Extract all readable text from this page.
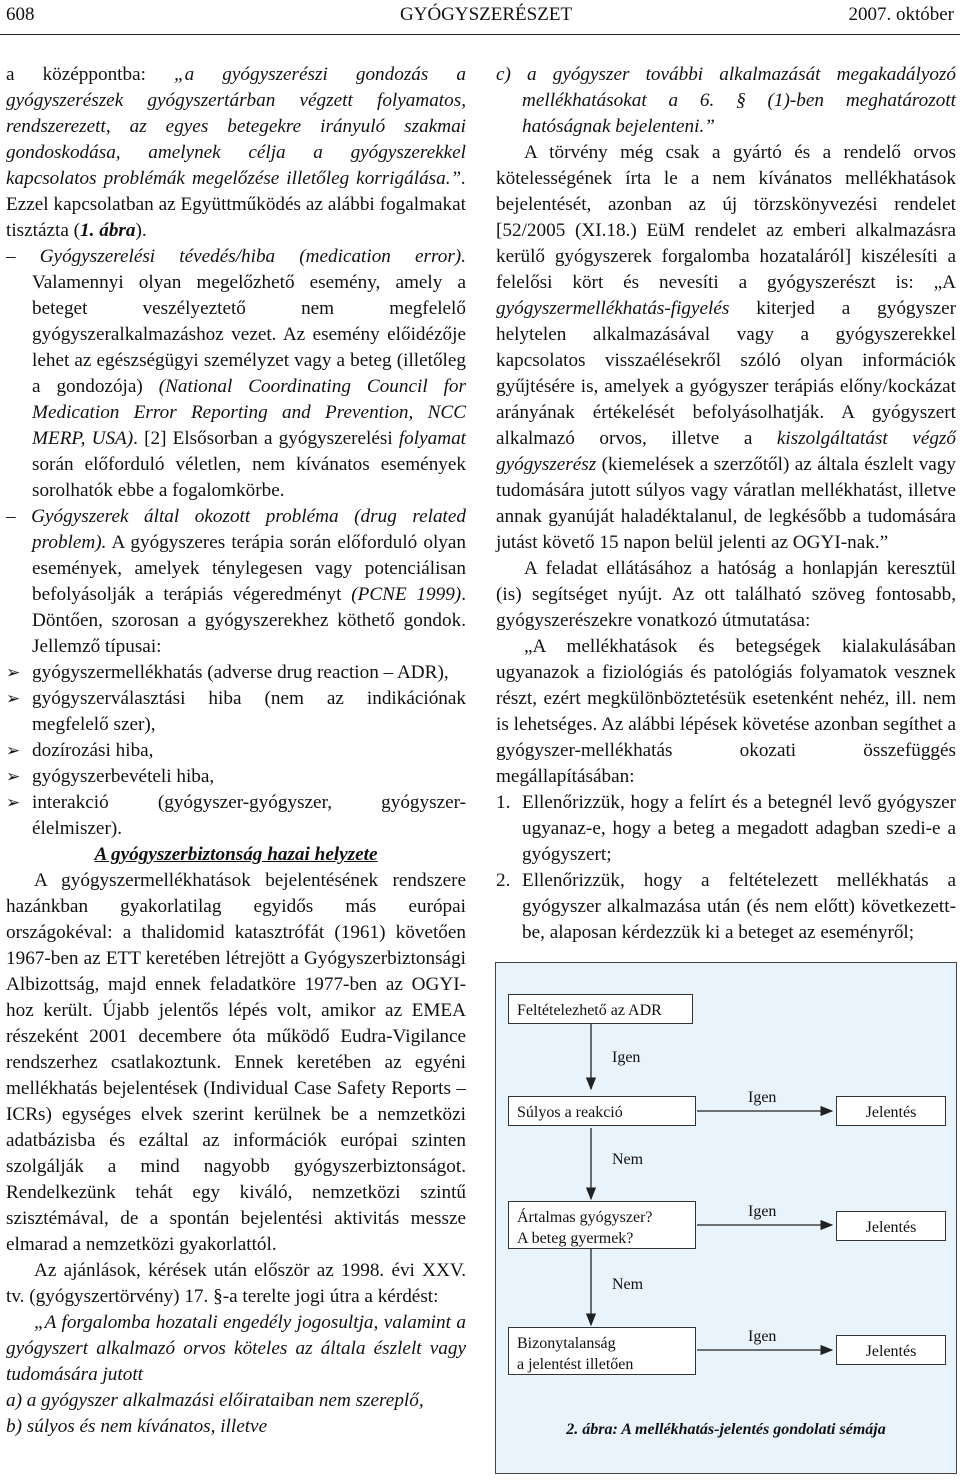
608	GYÓGYSZERÉSZET	2007. október

a középpontba: „a gyógyszerészi gondozás a gyógyszerészek gyógyszertárban végzett folyamatos, rendszerezett, az egyes betegekre irányuló szakmai gondoskodása, amelynek célja a gyógyszerekkel kapcsolatos problémák megelőzése illetőleg korrigálása.”. Ezzel kapcsolatban az Együttműködés az alábbi fogalmakat tisztázta (1. ábra).

– Gyógyszerelési tévedés/hiba (medication error). Valamennyi olyan megelőzhető esemény, amely a beteget veszélyeztető nem megfelelő gyógyszeralkalmazáshoz vezet. Az esemény előidézője lehet az egészségügyi személyzet vagy a beteg (illetőleg a gondozója) (National Coordinating Council for Medication Error Reporting and Prevention, NCC MERP, USA). [2] Elsősorban a gyógyszerelési folyamat során előforduló véletlen, nem kívánatos események sorolhatók ebbe a fogalomkörbe.

– Gyógyszerek által okozott probléma (drug related problem). A gyógyszeres terápia során előforduló olyan események, amelyek ténylegesen vagy potenciálisan befolyásolják a terápiás végeredményt (PCNE 1999). Döntően, szorosan a gyógyszerekhez köthető gondok. Jellemző típusai:

➢ gyógyszermellékhatás (adverse drug reaction – ADR),
➢ gyógyszerválasztási hiba (nem az indikációnak megfelelő szer),
➢ dozírozási hiba,
➢ gyógyszerbevételi hiba,
➢ interakció (gyógyszer-gyógyszer, gyógyszer-élelmiszer).

A gyógyszerbiztonság hazai helyzete

A gyógyszermellékhatások bejelentésének rendszere hazánkban gyakorlatilag egyidős más európai országokéval: a thalidomid katasztrófát (1961) követően 1967-ben az ETT keretében létrejött a Gyógyszerbiztonsági Albizottság, majd ennek feladatköre 1977-ben az OGYI-hoz került. Újabb jelentős lépés volt, amikor az EMEA részeként 2001 decembere óta működő Eudra-Vigilance rendszerhez csatlakoztunk. Ennek keretében az egyéni mellékhatás bejelentések (Individual Case Safety Reports – ICRs) egységes elvek szerint kerülnek be a nemzetközi adatbázisba és ezáltal az információk európai szinten szolgálják a mind nagyobb gyógyszerbiztonságot. Rendelkezünk tehát egy kiváló, nemzetközi szintű szisztémával, de a spontán bejelentési aktivitás messze elmarad a nemzetközi gyakorlattól.

Az ajánlások, kérések után először az 1998. évi XXV. tv. (gyógyszertörvény) 17. §-a terelte jogi útra a kérdést:

„A forgalomba hozatali engedély jogosultja, valamint a gyógyszert alkalmazó orvos köteles az általa észlelt vagy tudomására jutott

a) a gyógyszer alkalmazási előirataiban nem szereplő,

b) súlyos és nem kívánatos, illetve

c) a gyógyszer további alkalmazását megakadályozó mellékhatásokat a 6. § (1)-ben meghatározott hatóságnak bejelenteni.”

A törvény még csak a gyártó és a rendelő orvos kötelességének írta le a nem kívánatos mellékhatások bejelentését, azonban az új törzskönyvezési rendelet [52/2005 (XI.18.) EüM rendelet az emberi alkalmazásra kerülő gyógyszerek forgalomba hozataláról] kiszélesíti a felelősi kört és nevesíti a gyógyszerészt is: „A gyógyszermellékhatás-figyelés kiterjed a gyógyszer helytelen alkalmazásával vagy a gyógyszerekkel kapcsolatos visszaélésekről szóló olyan információk gyűjtésére is, amelyek a gyógyszer terápiás előny/kockázat arányának értékelését befolyásolhatják. A gyógyszert alkalmazó orvos, illetve a kiszolgáltatást végző gyógyszerész (kiemelések a szerzőtől) az általa észlelt vagy tudomására jutott súlyos vagy váratlan mellékhatást, illetve annak gyanúját haladéktalanul, de legkésőbb a tudomására jutást követő 15 napon belül jelenti az OGYI-nak.”

A feladat ellátásához a hatóság a honlapján keresztül (is) segítséget nyújt. Az ott található szöveg fontosabb, gyógyszerészekre vonatkozó útmutatása:

„A mellékhatások és betegségek kialakulásában ugyanazok a fiziológiás és patológiás folyamatok vesznek részt, ezért megkülönböztetésük esetenként nehéz, ill. nem is lehetséges. Az alábbi lépések követése azonban segíthet a gyógyszer-mellékhatás okozati összefüggés megállapításában:

1. Ellenőrizzük, hogy a felírt és a betegnél levő gyógyszer ugyanaz-e, hogy a beteg a megadott adagban szedi-e a gyógyszert;
2. Ellenőrizzük, hogy a feltételezett mellékhatás a gyógyszer alkalmazása után (és nem előtt) következett-be, alaposan kérdezzük ki a beteget az eseményről;
Feltételezhető az ADR
Súlyos a reakció
Ártalmas gyógyszer?
A beteg gyermek?
Bizonytalanság
a jelentést illetően
Jelentés
Jelentés
Jelentés
Igen
Igen
Nem
Igen
Nem
Igen
2. ábra: A mellékhatás-jelentés gondolati sémája
